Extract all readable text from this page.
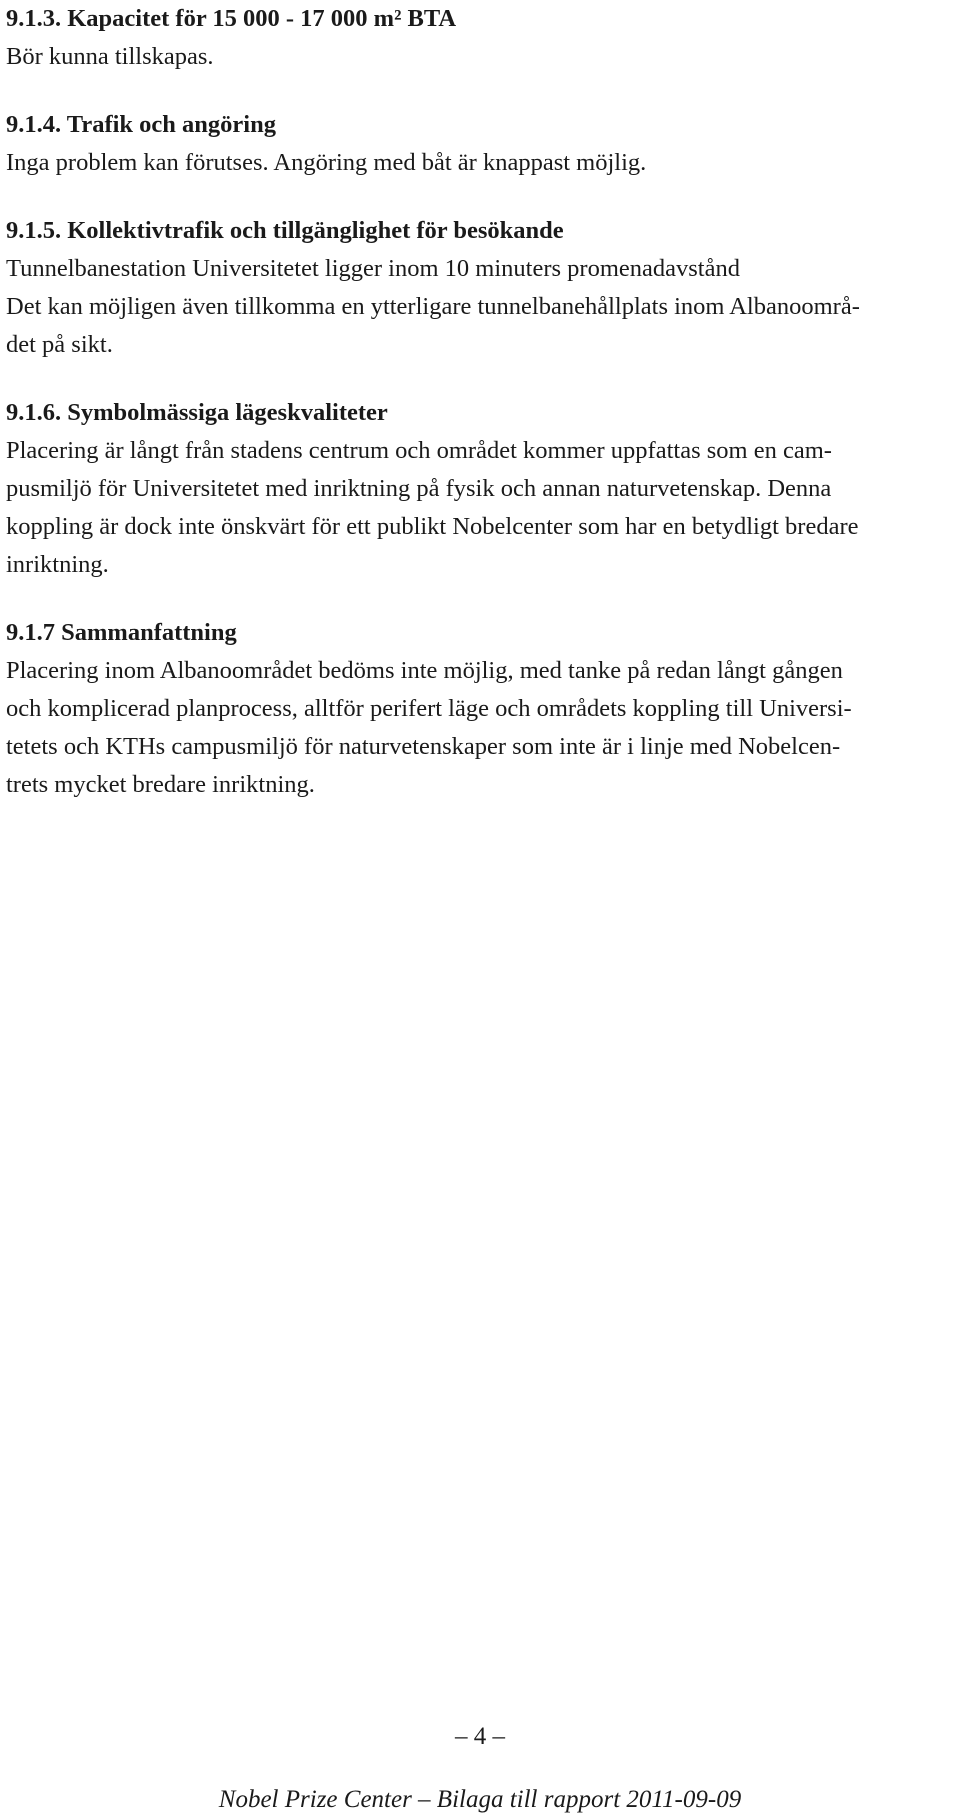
9.1.3. Kapacitet för 15 000 - 17 000 m² BTA

Bör kunna tillskapas.

9.1.4. Trafik och angöring

Inga problem kan förutses. Angöring med båt är knappast möjlig.

9.1.5. Kollektivtrafik och tillgänglighet för besökande

Tunnelbanestation Universitetet ligger inom 10 minuters promenadavstånd
Det kan möjligen även tillkomma en ytterligare tunnelbanehållplats inom Albanoområ-
det på sikt.

9.1.6. Symbolmässiga lägeskvaliteter

Placering är långt från stadens centrum och området kommer uppfattas som en cam-
pusmiljö för Universitetet med inriktning på fysik och annan naturvetenskap. Denna
koppling är dock inte önskvärt för ett publikt Nobelcenter som har en betydligt bredare
inriktning.

9.1.7 Sammanfattning

Placering inom Albanoområdet bedöms inte möjlig, med tanke på redan långt gången
och komplicerad planprocess, alltför perifert läge och områdets koppling till Universi-
tetets och KTHs campusmiljö för naturvetenskaper som inte är i linje med Nobelcen-
trets mycket bredare inriktning.

– 4 –
Nobel Prize Center – Bilaga till rapport 2011-09-09
